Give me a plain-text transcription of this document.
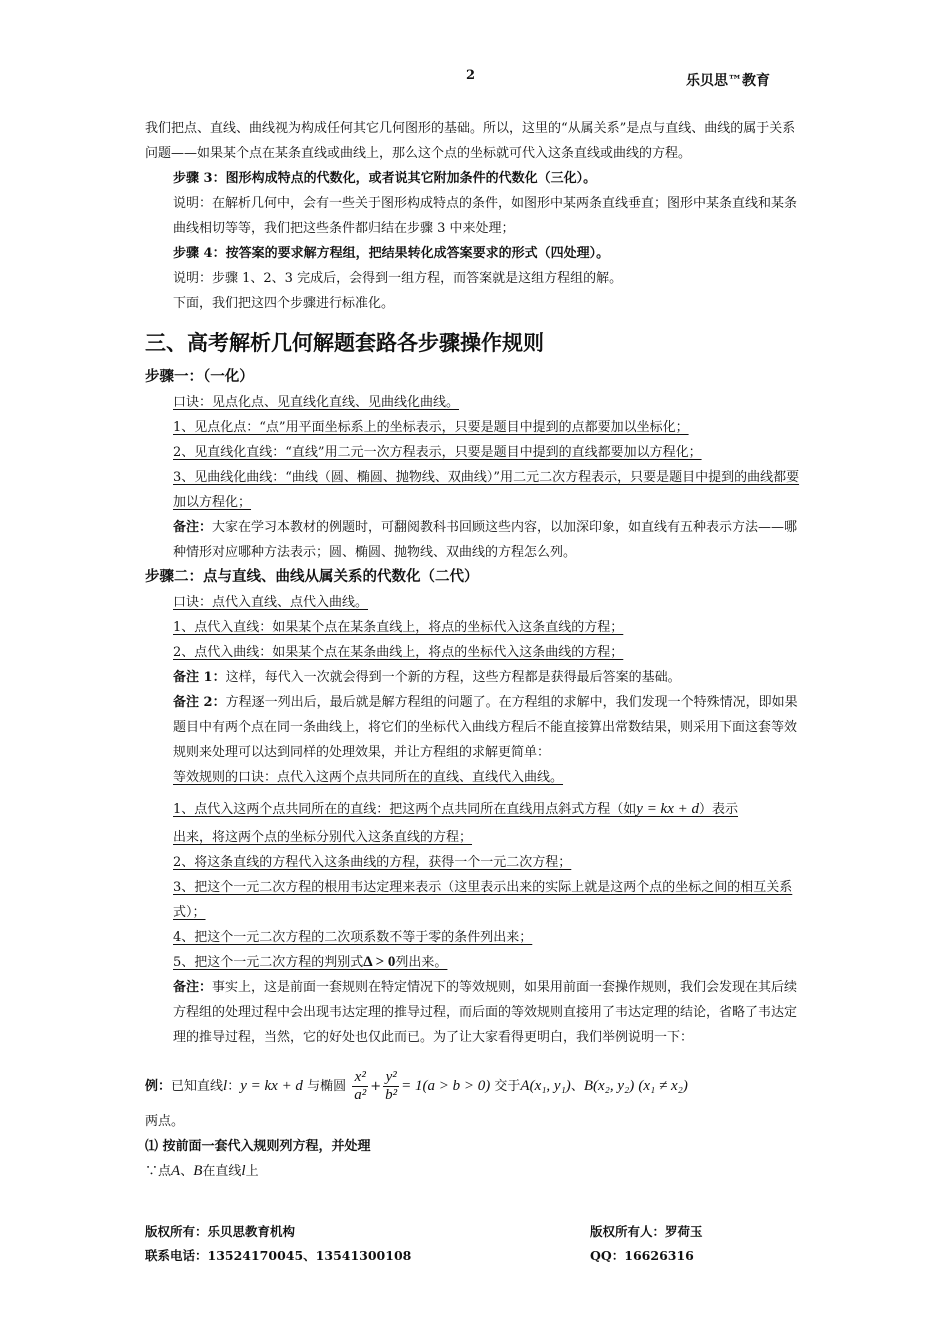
2	乐贝思™教育

我们把点、直线、曲线视为构成任何其它几何图形的基础。所以，这里的“从属关系”是点与直线、曲线的属于关系问题——如果某个点在某条直线或曲线上，那么这个点的坐标就可代入这条直线或曲线的方程。

步骤 3：图形构成特点的代数化，或者说其它附加条件的代数化（三化）。

说明：在解析几何中，会有一些关于图形构成特点的条件，如图形中某两条直线垂直；图形中某条直线和某条曲线相切等等，我们把这些条件都归结在步骤 3 中来处理；

步骤 4：按答案的要求解方程组，把结果转化成答案要求的形式（四处理）。

说明：步骤 1、2、3 完成后，会得到一组方程，而答案就是这组方程组的解。

下面，我们把这四个步骤进行标准化。

三、高考解析几何解题套路各步骤操作规则
步骤一：（一化）

口诀：见点化点、见直线化直线、见曲线化曲线。

1、见点化点：“点”用平面坐标系上的坐标表示，只要是题目中提到的点都要加以坐标化；

2、见直线化直线：“直线”用二元一次方程表示，只要是题目中提到的直线都要加以方程化；

3、见曲线化曲线：“曲线（圆、椭圆、抛物线、双曲线）”用二元二次方程表示，只要是题目中提到的曲线都要加以方程化；

备注：大家在学习本教材的例题时，可翻阅教科书回顾这些内容，以加深印象，如直线有五种表示方法——哪种情形对应哪种方法表示；圆、椭圆、抛物线、双曲线的方程怎么列。

步骤二：点与直线、曲线从属关系的代数化（二代）

口诀：点代入直线、点代入曲线。

1、点代入直线：如果某个点在某条直线上，将点的坐标代入这条直线的方程；

2、点代入曲线：如果某个点在某条曲线上，将点的坐标代入这条曲线的方程；

备注 1：这样，每代入一次就会得到一个新的方程，这些方程都是获得最后答案的基础。

备注 2：方程逐一列出后，最后就是解方程组的问题了。在方程组的求解中，我们发现一个特殊情况，即如果题目中有两个点在同一条曲线上，将它们的坐标代入曲线方程后不能直接算出常数结果，则采用下面这套等效规则来处理可以达到同样的处理效果，并让方程组的求解更简单：

等效规则的口诀：点代入这两个点共同所在的直线、直线代入曲线。

1、点代入这两个点共同所在的直线：把这两个点共同所在直线用点斜式方程（如y = kx + d）表示

出来，将这两个点的坐标分别代入这条直线的方程；

2、将这条直线的方程代入这条曲线的方程，获得一个一元二次方程；

3、把这个一元二次方程的根用韦达定理来表示（这里表示出来的实际上就是这两个点的坐标之间的相互关系式）；

4、把这个一元二次方程的二次项系数不等于零的条件列出来；

5、把这个一元二次方程的判别式Δ > 0列出来。

备注：事实上，这是前面一套规则在特定情况下的等效规则，如果用前面一套操作规则，我们会发现在其后续方程组的处理过程中会出现韦达定理的推导过程，而后面的等效规则直接用了韦达定理的结论，省略了韦达定理的推导过程，当然，它的好处也仅此而已。为了让大家看得更明白，我们举例说明一下：

例：已知直线l：y = kx + d 与椭圆 $\frac{\text{x²}}{\text{a²}} + \frac{\text{y²}}{\text{b²}} = 1(a > b > 0)$ 交于A(x₁, y₁)、B(x₂, y₂) (x₁ ≠ x₂)

两点。

⑴ 按前面一套代入规则列方程，并处理

∵点A、B在直线l上

版权所有：乐贝思教育机构	版权所有人：罗荷玉
联系电话：13524170045、13541300108	QQ：16626316
